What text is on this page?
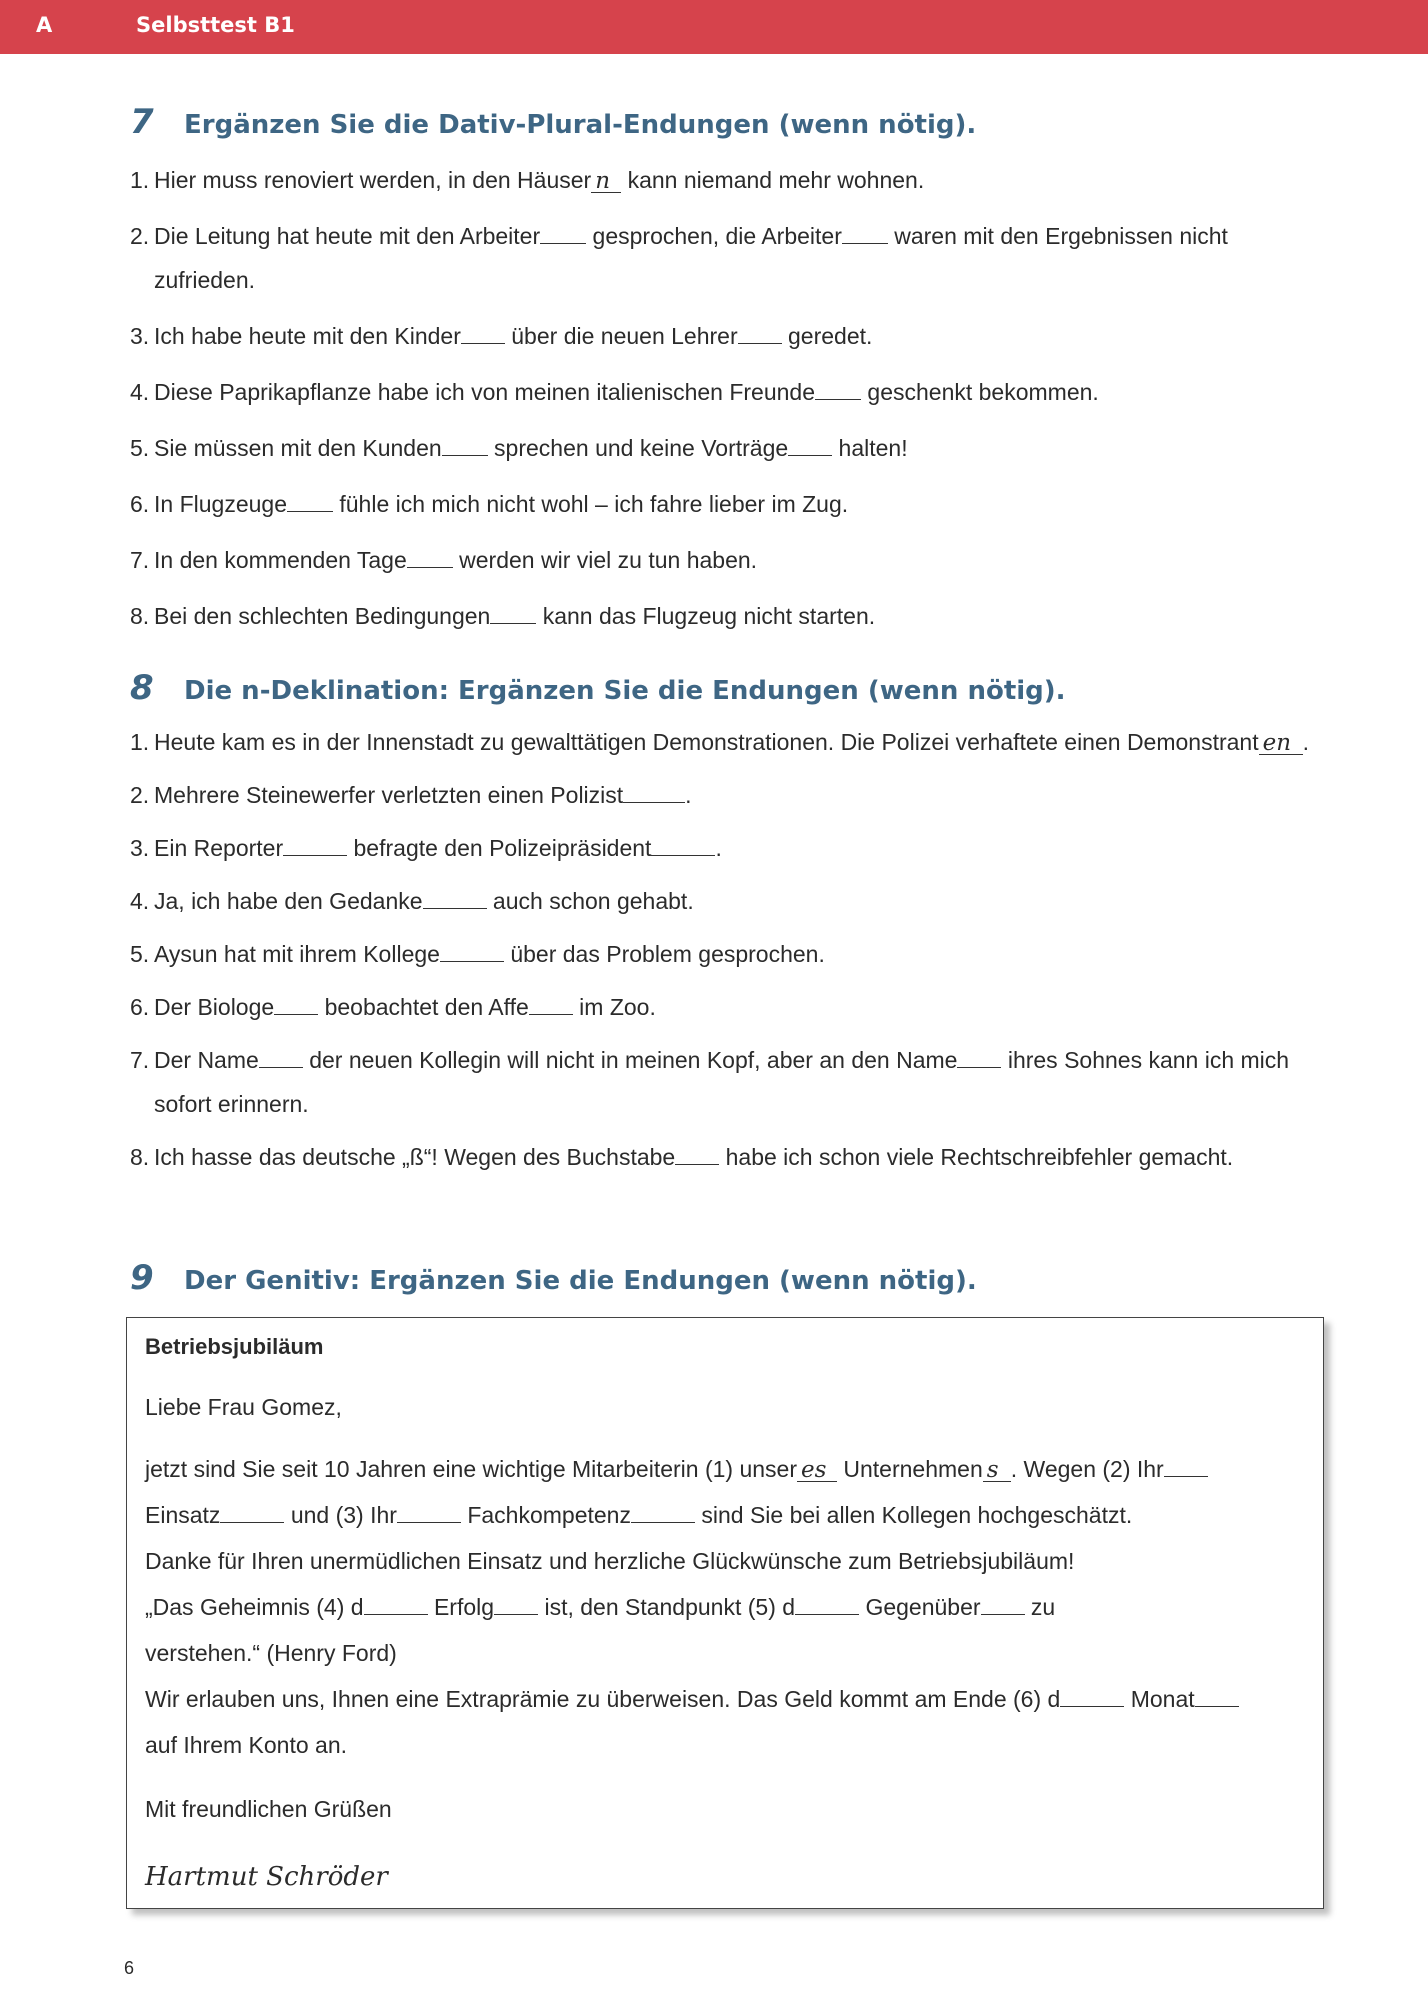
A	Selbsttest B1
7	Ergänzen Sie die Dativ-Plural-Endungen (wenn nötig).
1. Hier muss renoviert werden, in den Häuser n kann niemand mehr wohnen.
2. Die Leitung hat heute mit den Arbeiter gesprochen, die Arbeiter waren mit den Ergebnissen nicht zufrieden.
3. Ich habe heute mit den Kinder über die neuen Lehrer geredet.
4. Diese Paprikapflanze habe ich von meinen italienischen Freunde geschenkt bekommen.
5. Sie müssen mit den Kunden sprechen und keine Vorträge halten!
6. In Flugzeuge fühle ich mich nicht wohl – ich fahre lieber im Zug.
7. In den kommenden Tage werden wir viel zu tun haben.
8. Bei den schlechten Bedingungen kann das Flugzeug nicht starten.
8	Die n-Deklination: Ergänzen Sie die Endungen (wenn nötig).
1. Heute kam es in der Innenstadt zu gewalttätigen Demonstrationen. Die Polizei verhaftete einen Demonstrant en .
2. Mehrere Steinewerfer verletzten einen Polizist	.
3. Ein Reporter	befragte den Polizeipräsident	.
4. Ja, ich habe den Gedanke	auch schon gehabt.
5. Aysun hat mit ihrem Kollege	über das Problem gesprochen.
6. Der Biologe beobachtet den Affe im Zoo.
7. Der Name der neuen Kollegin will nicht in meinen Kopf, aber an den Name ihres Sohnes kann ich mich sofort erinnern.
8. Ich hasse das deutsche „ß“! Wegen des Buchstabe habe ich schon viele Rechtschreibfehler gemacht.
9	Der Genitiv: Ergänzen Sie die Endungen (wenn nötig).
Betriebsjubiläum

Liebe Frau Gomez,

jetzt sind Sie seit 10 Jahren eine wichtige Mitarbeiterin (1) unser es Unternehmen s . Wegen (2) Ihr

Einsatz	und (3) Ihr	Fachkompetenz	sind Sie bei allen Kollegen hochgeschätzt.

Danke für Ihren unermüdlichen Einsatz und herzliche Glückwünsche zum Betriebsjubiläum!

„Das Geheimnis (4) d	Erfolg ist, den Standpunkt (5) d	Gegenüber zu

verstehen.“ (Henry Ford)

Wir erlauben uns, Ihnen eine Extraprämie zu überweisen. Das Geld kommt am Ende (6) d	Monat

auf Ihrem Konto an.

Mit freundlichen Grüßen

Hartmut Schröder

6
